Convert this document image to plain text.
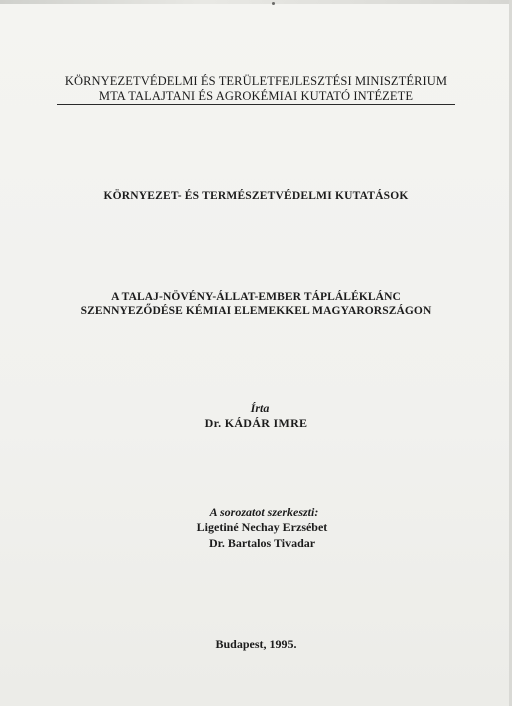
KÖRNYEZETVÉDELMI ÉS TERÜLETFEJLESZTÉSI MINISZTÉRIUM
MTA TALAJTANI ÉS AGROKÉMIAI KUTATÓ INTÉZETE
KÖRNYEZET- ÉS TERMÉSZETVÉDELMI KUTATÁSOK
A TALAJ-NÖVÉNY-ÁLLAT-EMBER TÁPLÁLÉKLÁNC
SZENNYEZŐDÉSE KÉMIAI ELEMEKKEL MAGYARORSZÁGON
Írta
Dr. KÁDÁR IMRE
A sorozatot szerkeszti:
Ligetiné Nechay Erzsébet
Dr. Bartalos Tivadar
Budapest, 1995.
